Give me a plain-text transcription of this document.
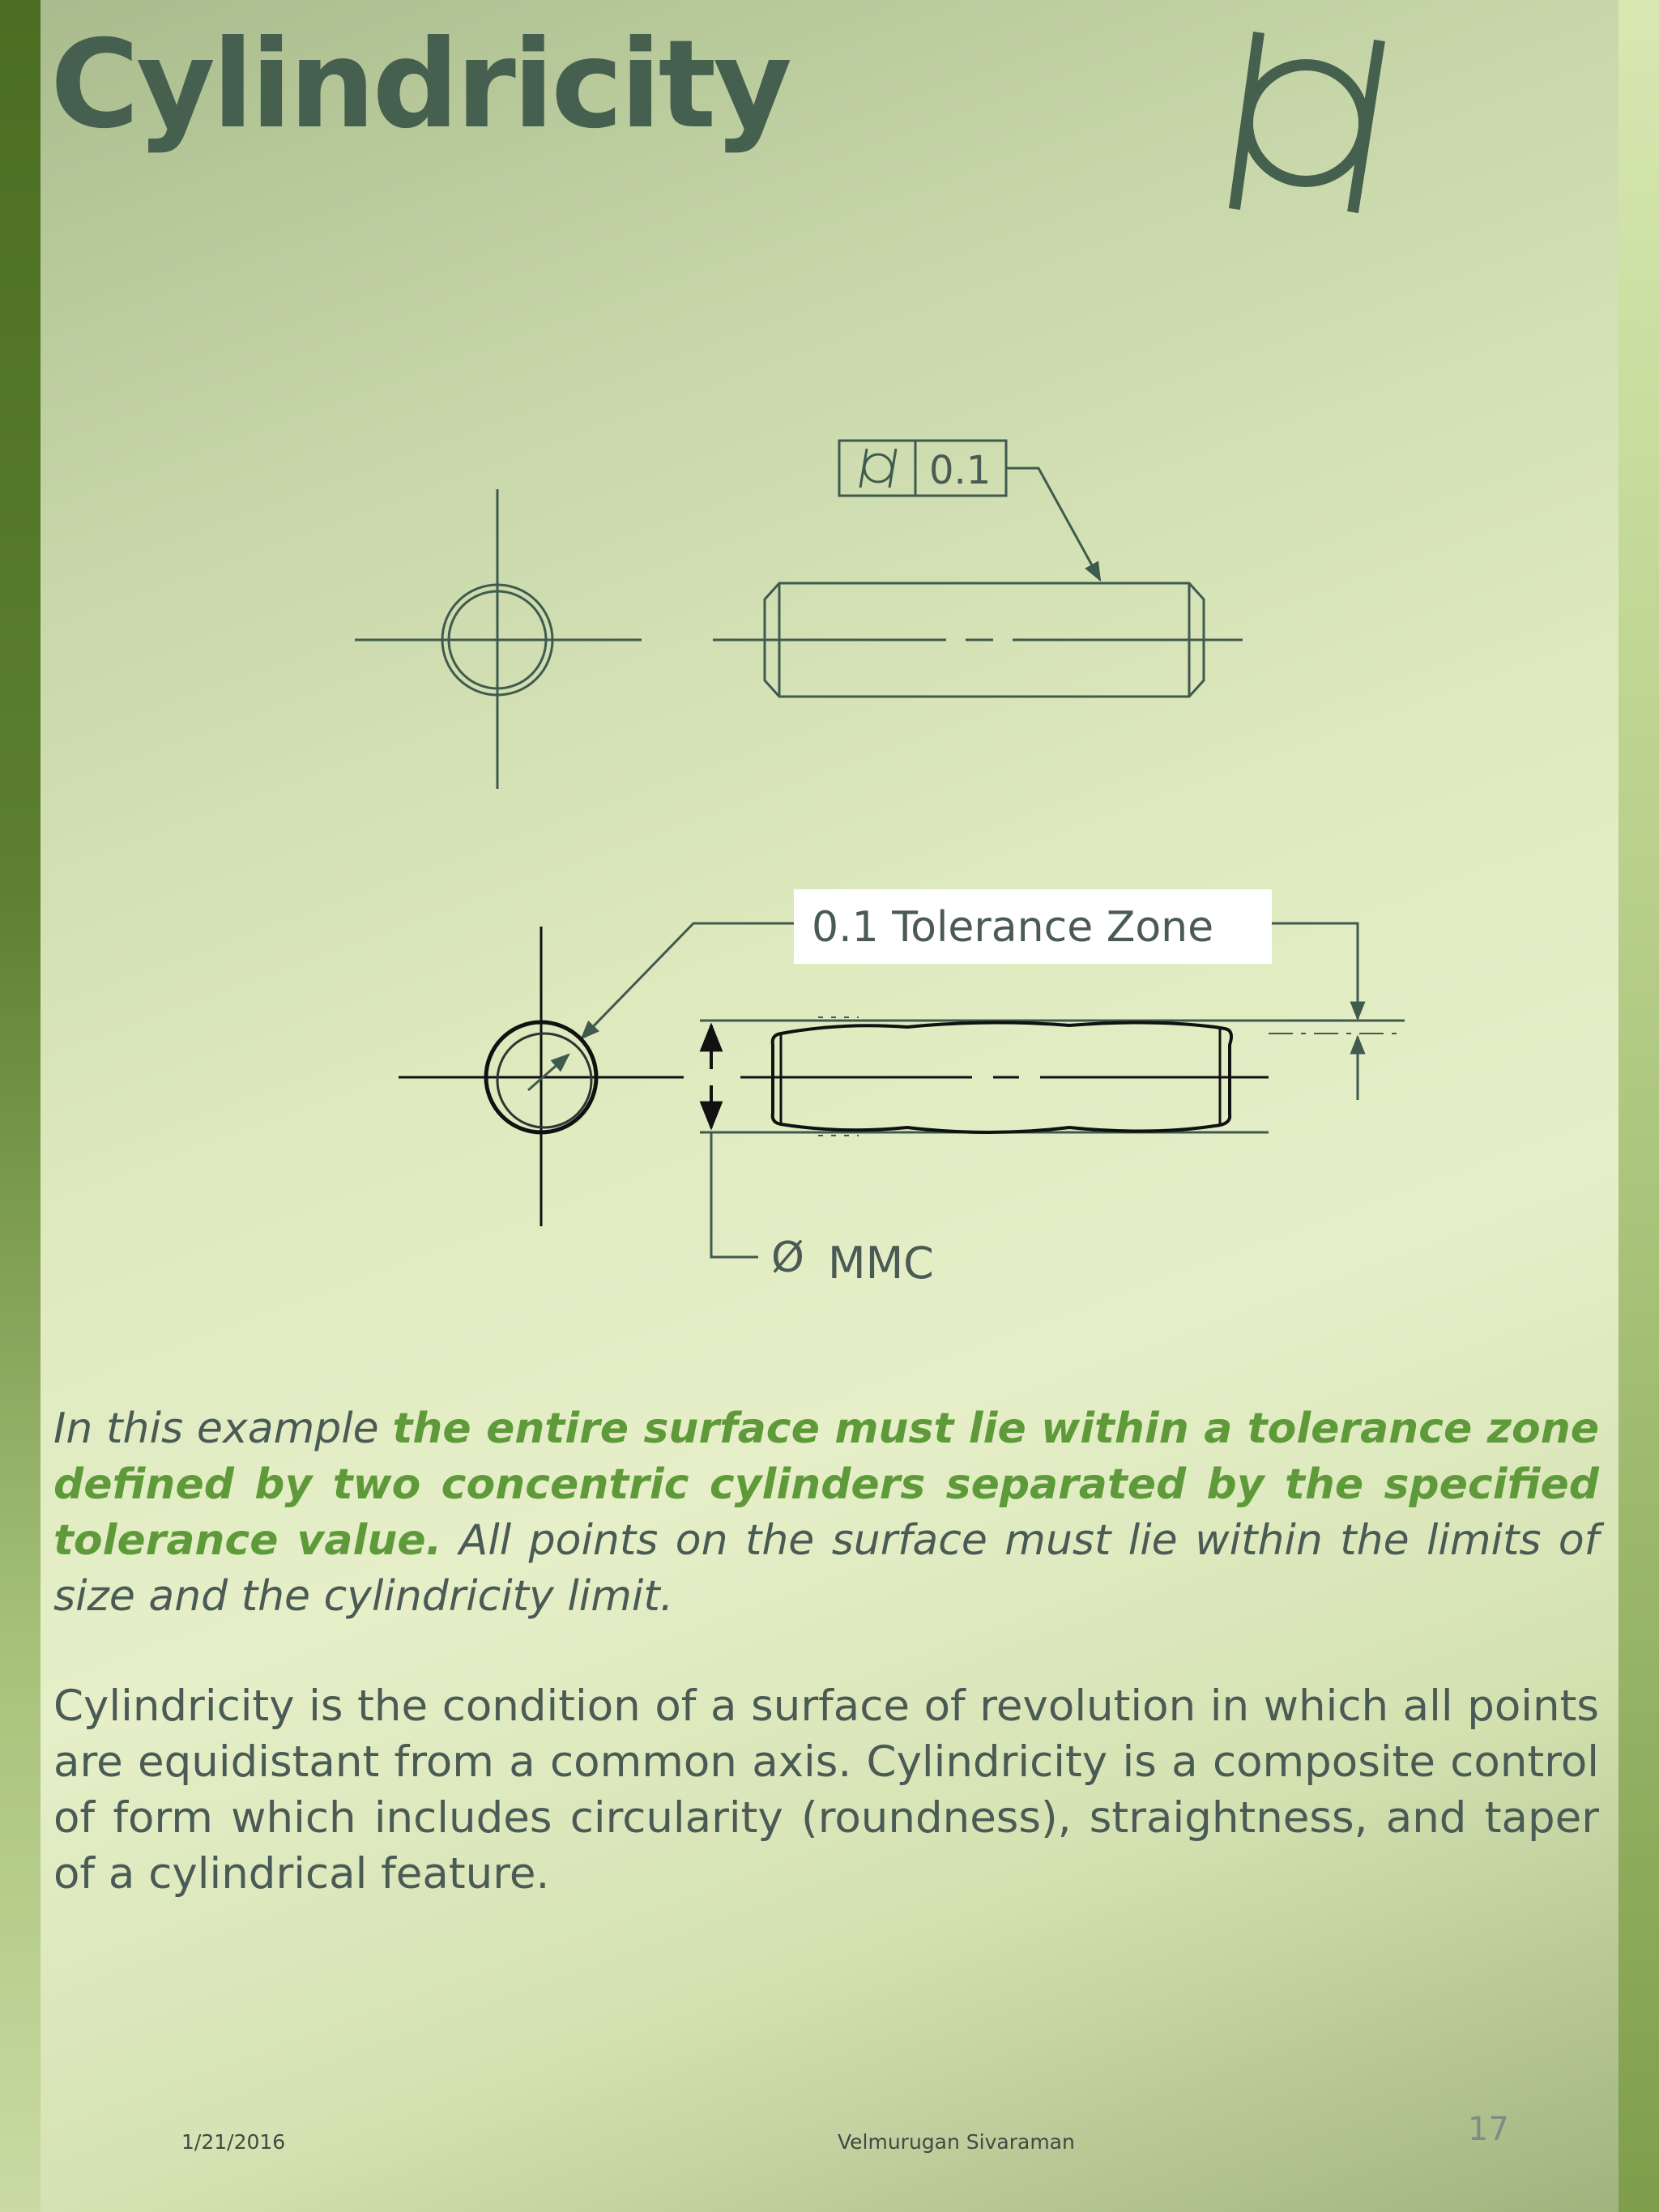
Cylindricity
0.1
0.1 Tolerance Zone
Ø MMC
In this example the entire surface must lie within a tolerance zone defined by two concentric cylinders separated by the specified tolerance value. All points on the surface must lie within the limits of size and the cylindricity limit.
Cylindricity is the condition of a surface of revolution in which all points are equidistant from a common axis. Cylindricity is a composite control of form which includes circularity (roundness), straightness, and taper of a cylindrical feature.
1/21/2016	Velmurugan Sivaraman	17
